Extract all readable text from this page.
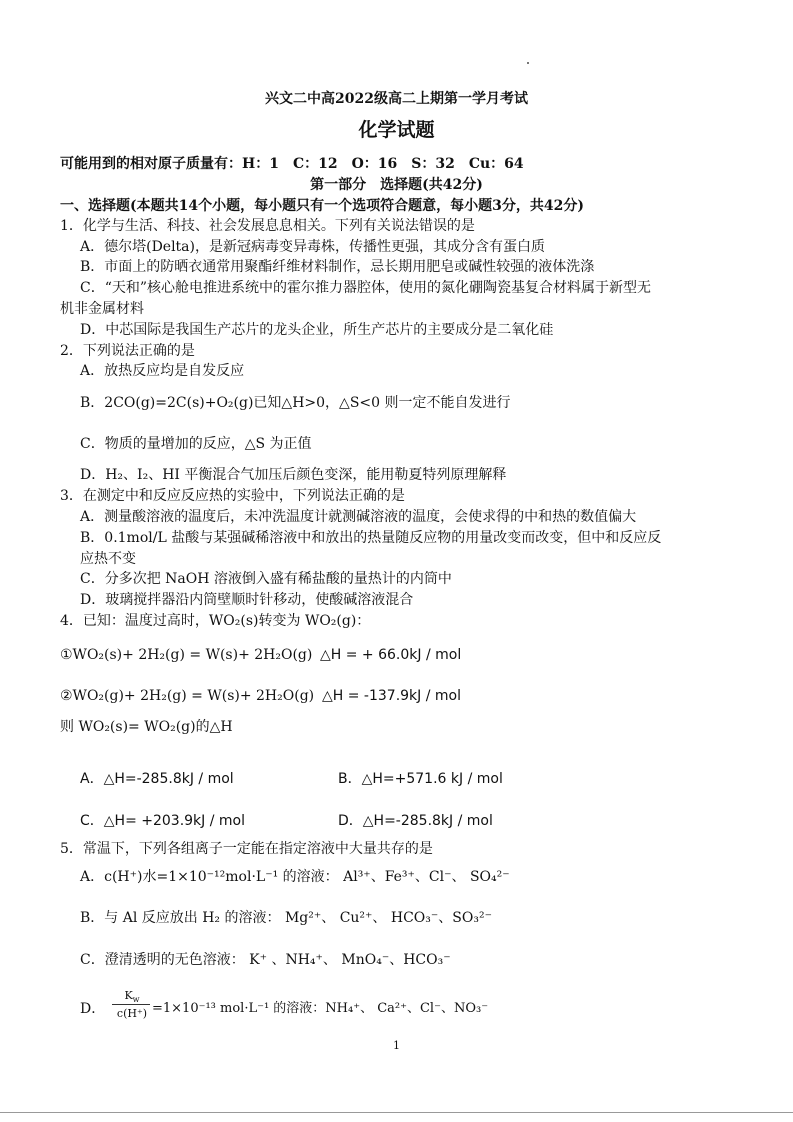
兴文二中高2022级高二上期第一学月考试
化学试题
可能用到的相对原子质量有：H：1　C：12　O：16　S：32　Cu：64
第一部分　选择题(共42分)
一、选择题(本题共14个小题，每小题只有一个选项符合题意，每小题3分，共42分)
1．化学与生活、科技、社会发展息息相关。下列有关说法错误的是
A．德尔塔(Delta)，是新冠病毒变异毒株，传播性更强，其成分含有蛋白质
B．市面上的防晒衣通常用聚酯纤维材料制作，忌长期用肥皂或碱性较强的液体洗涤
C．“天和”核心舱电推进系统中的霍尔推力器腔体，使用的氮化硼陶瓷基复合材料属于新型无
机非金属材料
D．中芯国际是我国生产芯片的龙头企业，所生产芯片的主要成分是二氧化硅
2．下列说法正确的是
A．放热反应均是自发反应
B．2CO(g)=2C(s)+O₂(g)已知△H>0，△S<0 则一定不能自发进行
C．物质的量增加的反应，△S 为正值
D．H₂、I₂、HI 平衡混合气加压后颜色变深，能用勒夏特列原理解释
3．在测定中和反应反应热的实验中，下列说法正确的是
A．测量酸溶液的温度后，未冲洗温度计就测碱溶液的温度，会使求得的中和热的数值偏大
B．0.1mol/L 盐酸与某强碱稀溶液中和放出的热量随反应物的用量改变而改变，但中和反应反
应热不变
C．分多次把 NaOH 溶液倒入盛有稀盐酸的量热计的内筒中
D．玻璃搅拌器沿内筒壁顺时针移动，使酸碱溶液混合
4．已知：温度过高时，WO₂(s)转变为 WO₂(g)：
①WO₂(s)+ 2H₂(g) = W(s)+ 2H₂O(g) △H = + 66.0kJ / mol
②WO₂(g)+ 2H₂(g) = W(s)+ 2H₂O(g) △H = -137.9kJ / mol
则 WO₂(s)= WO₂(g)的△H
A．△H=-285.8kJ / mol	B．△H=+571.6 kJ / mol
C．△H= +203.9kJ / mol	D．△H=-285.8kJ / mol
5．常温下，下列各组离子一定能在指定溶液中大量共存的是
A．c(H⁺)水=1×10⁻¹²mol·L⁻¹ 的溶液： Al³⁺、Fe³⁺、Cl⁻、 SO₄²⁻
B．与 Al 反应放出 H₂ 的溶液： Mg²⁺、 Cu²⁺、 HCO₃⁻、SO₃²⁻
C．澄清透明的无色溶液： K⁺ 、NH₄⁺、 MnO₄⁻、HCO₃⁻
D．
$K_w$
c(H⁺) =1×10⁻¹³ mol·L⁻¹ 的溶液：NH₄⁺、 Ca²⁺、Cl⁻、NO₃⁻
1
